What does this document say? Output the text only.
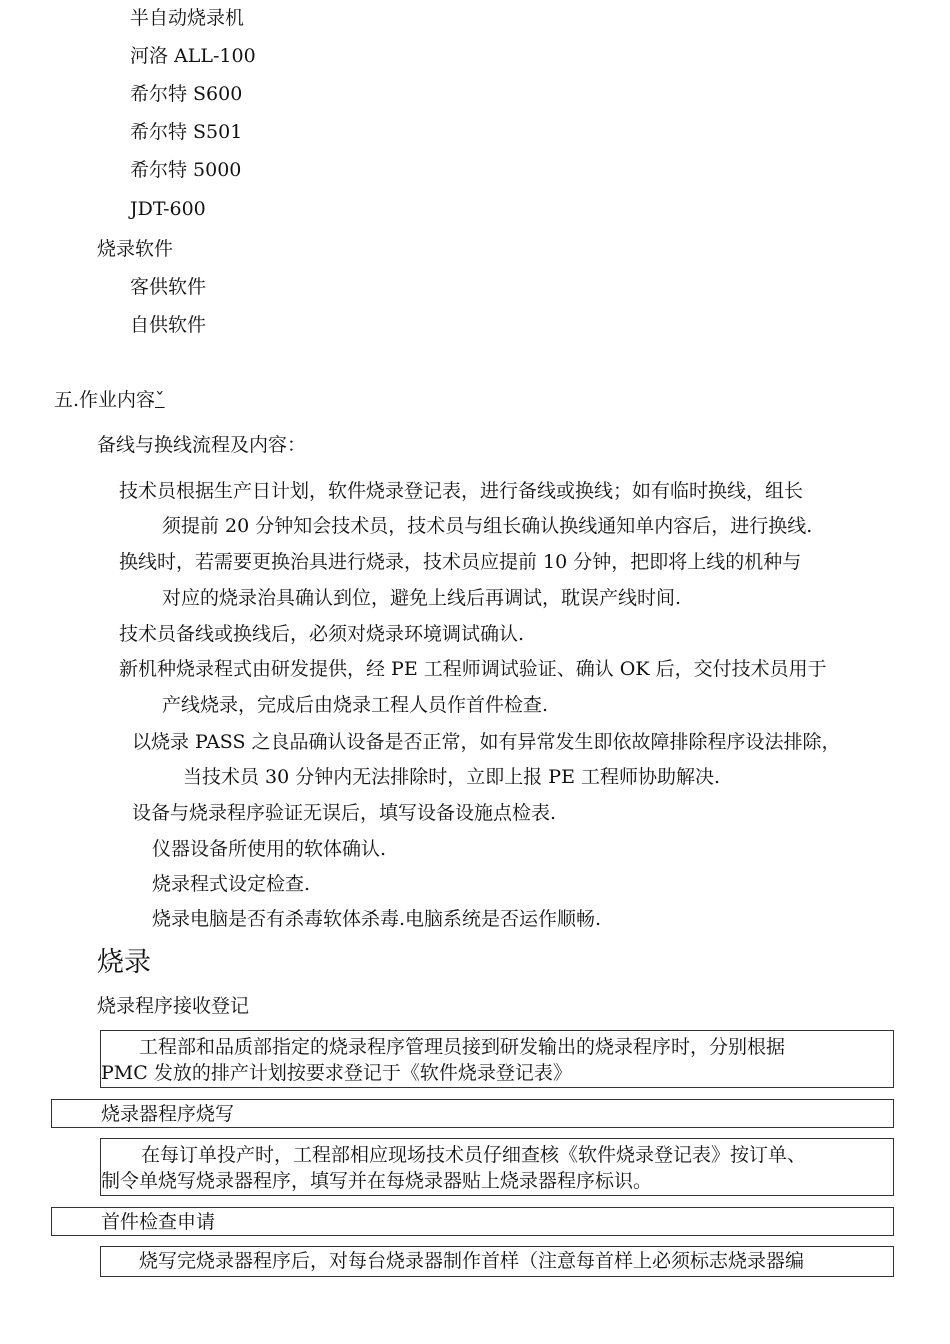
半自动烧录机
河洛 ALL-100
希尔特 S600
希尔特 S501
希尔特 5000
JDT-600
烧录软件
客供软件
自供软件
五.作业内容ˇ
备线与换线流程及内容：
技术员根据生产日计划，软件烧录登记表，进行备线或换线；如有临时换线，组长
须提前 20 分钟知会技术员，技术员与组长确认换线通知单内容后，进行换线.
换线时，若需要更换治具进行烧录，技术员应提前 10 分钟，把即将上线的机种与
对应的烧录治具确认到位，避免上线后再调试，耽误产线时间.
技术员备线或换线后，必须对烧录环境调试确认.
新机种烧录程式由研发提供，经 PE 工程师调试验证、确认 OK 后，交付技术员用于
产线烧录，完成后由烧录工程人员作首件检查.
以烧录 PASS 之良品确认设备是否正常，如有异常发生即依故障排除程序设法排除，
当技术员 30 分钟内无法排除时，立即上报 PE 工程师协助解决.
设备与烧录程序验证无误后，填写设备设施点检表.
仪器设备所使用的软体确认.
烧录程式设定检查.
烧录电脑是否有杀毒软体杀毒.电脑系统是否运作顺畅.
烧录
烧录程序接收登记
工程部和品质部指定的烧录程序管理员接到研发输出的烧录程序时，分别根据
PMC 发放的排产计划按要求登记于《软件烧录登记表》
烧录器程序烧写
在每订单投产时，工程部相应现场技术员仔细查核《软件烧录登记表》按订单、
制令单烧写烧录器程序，填写并在每烧录器贴上烧录器程序标识。
首件检查申请
烧写完烧录器程序后，对每台烧录器制作首样（注意每首样上必须标志烧录器编
